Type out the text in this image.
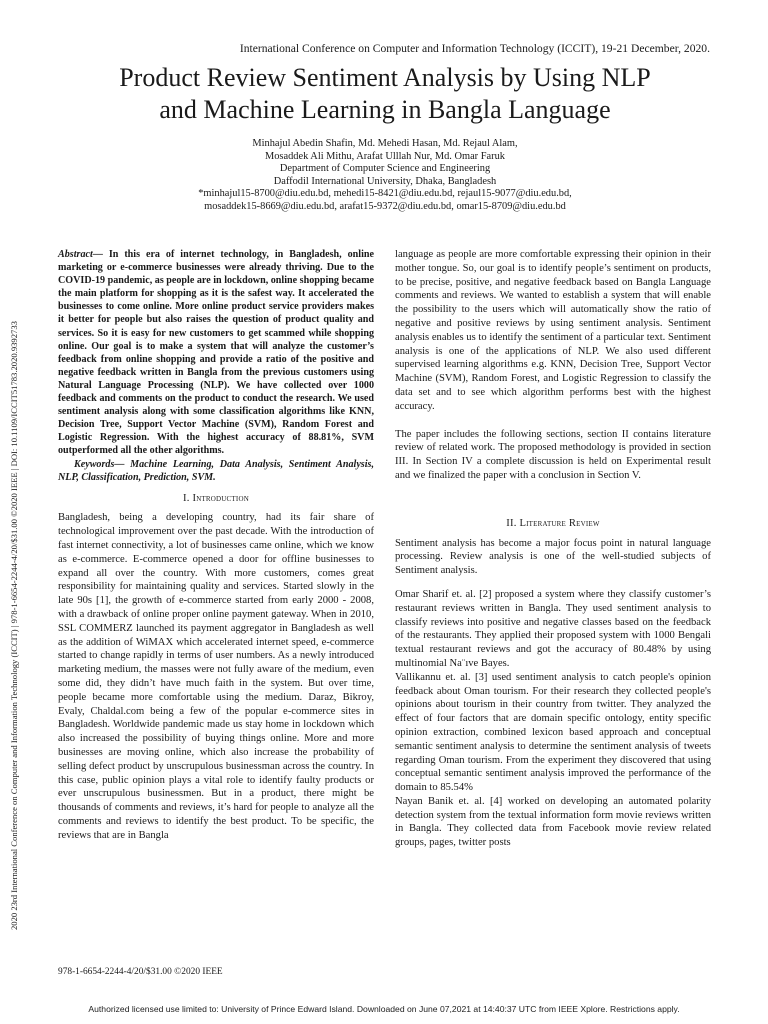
International Conference on Computer and Information Technology (ICCIT), 19-21 December, 2020.
Product Review Sentiment Analysis by Using NLP
and Machine Learning in Bangla Language
Minhajul Abedin Shafin, Md. Mehedi Hasan, Md. Rejaul Alam,
Mosaddek Ali Mithu, Arafat Ulllah Nur, Md. Omar Faruk
Department of Computer Science and Engineering
Daffodil International University, Dhaka, Bangladesh
*minhajul15-8700@diu.edu.bd, mehedi15-8421@diu.edu.bd, rejaul15-9077@diu.edu.bd,
mosaddek15-8669@diu.edu.bd, arafat15-9372@diu.edu.bd, omar15-8709@diu.edu.bd
2020 23rd International Conference on Computer and Information Technology (ICCIT) | 978-1-6654-2244-4/20/$31.00 ©2020 IEEE | DOI: 10.1109/ICCIT51783.2020.9392733

Abstract— In this era of internet technology, in Bangladesh, online marketing or e-commerce businesses were already thriving. Due to the COVID-19 pandemic, as people are in lockdown, online shopping became the main platform for shopping as it is the safest way. It accelerated the businesses to come online. More online product service providers makes it better for people but also raises the question of product quality and services. So it is easy for new customers to get scammed while shopping online. Our goal is to make a system that will analyze the customer’s feedback from online shopping and provide a ratio of the positive and negative feedback written in Bangla from the previous customers using Natural Language Processing (NLP). We have collected over 1000 feedback and comments on the product to conduct the research. We used sentiment analysis along with some classification algorithms like KNN, Decision Tree, Support Vector Machine (SVM), Random Forest and Logistic Regression. With the highest accuracy of 88.81%, SVM outperformed all the other algorithms.

Keywords— Machine Learning, Data Analysis, Sentiment Analysis, NLP, Classification, Prediction, SVM.

I. Introduction

Bangladesh, being a developing country, had its fair share of technological improvement over the past decade. With the introduction of fast internet connectivity, a lot of businesses came online, which we know as e-commerce. E-commerce opened a door for offline businesses to expand all over the country. With more customers, comes great responsibility for maintaining quality and services. Started slowly in the late 90s [1], the growth of e-commerce started from early 2000 - 2008, with a drawback of online proper online payment gateway. When in 2010, SSL COMMERZ launched its payment aggregator in Bangladesh as well as the addition of WiMAX which accelerated internet speed, e-commerce started to change rapidly in terms of user numbers. As a newly introduced marketing medium, the masses were not fully aware of the medium, even some did, they didn’t have much faith in the system. But over time, people became more comfortable using the medium. Daraz, Bikroy, Evaly, Chaldal.com being a few of the popular e-commerce sites in Bangladesh. Worldwide pandemic made us stay home in lockdown which also increased the possibility of buying things online. More and more businesses are moving online, which also increase the probability of selling defect product by unscrupulous businessman across the country. In this case, public opinion plays a vital role to identify faulty products or ever unscrupulous businessmen. But in a product, there might be thousands of comments and reviews, it’s hard for people to analyze all the comments and reviews to identify the best product. To be specific, the reviews that are in Bangla

language as people are more comfortable expressing their opinion in their mother tongue. So, our goal is to identify people’s sentiment on products, to be precise, positive, and negative feedback based on Bangla Language comments and reviews. We wanted to establish a system that will enable the possibility to the users which will automatically show the ratio of negative and positive reviews by using sentiment analysis. Sentiment analysis enables us to identify the sentiment of a particular text. Sentiment analysis is one of the applications of NLP. We also used different supervised learning algorithms e.g. KNN, Decision Tree, Support Vector Machine (SVM), Random Forest, and Logistic Regression to classify the data set and to see which algorithm performs best with the highest accuracy.

The paper includes the following sections, section II contains literature review of related work. The proposed methodology is provided in section III. In Section IV a complete discussion is held on Experimental result and we finalized the paper with a conclusion in Section V.

II. Literature Review

Sentiment analysis has become a major focus point in natural language processing. Review analysis is one of the well-studied subjects of Sentiment analysis.

Omar Sharif et. al. [2] proposed a system where they classify customer’s restaurant reviews written in Bangla. They used sentiment analysis to classify reviews into positive and negative classes based on the feedback of the restaurants. They applied their proposed system with 1000 Bengali textual restaurant reviews and got the accuracy of 80.48% by using multinomial Na¨ıve Bayes.

Vallikannu et. al. [3] used sentiment analysis to catch people's opinion feedback about Oman tourism. For their research they collected people's opinions about tourism in their country from twitter. They analyzed the effect of four factors that are domain specific ontology, entity specific opinion extraction, combined lexicon based approach and conceptual semantic sentiment analysis to determine the sentiment analysis of tweets regarding Oman tourism. From the experiment they discovered that using conceptual semantic sentiment analysis improved the performance of the domain to 85.54%

Nayan Banik et. al. [4] worked on developing an automated polarity detection system from the textual information form movie reviews written in Bangla. They collected data from Facebook movie review related groups, pages, twitter posts

978-1-6654-2244-4/20/$31.00 ©2020 IEEE
Authorized licensed use limited to: University of Prince Edward Island. Downloaded on June 07,2021 at 14:40:37 UTC from IEEE Xplore. Restrictions apply.
